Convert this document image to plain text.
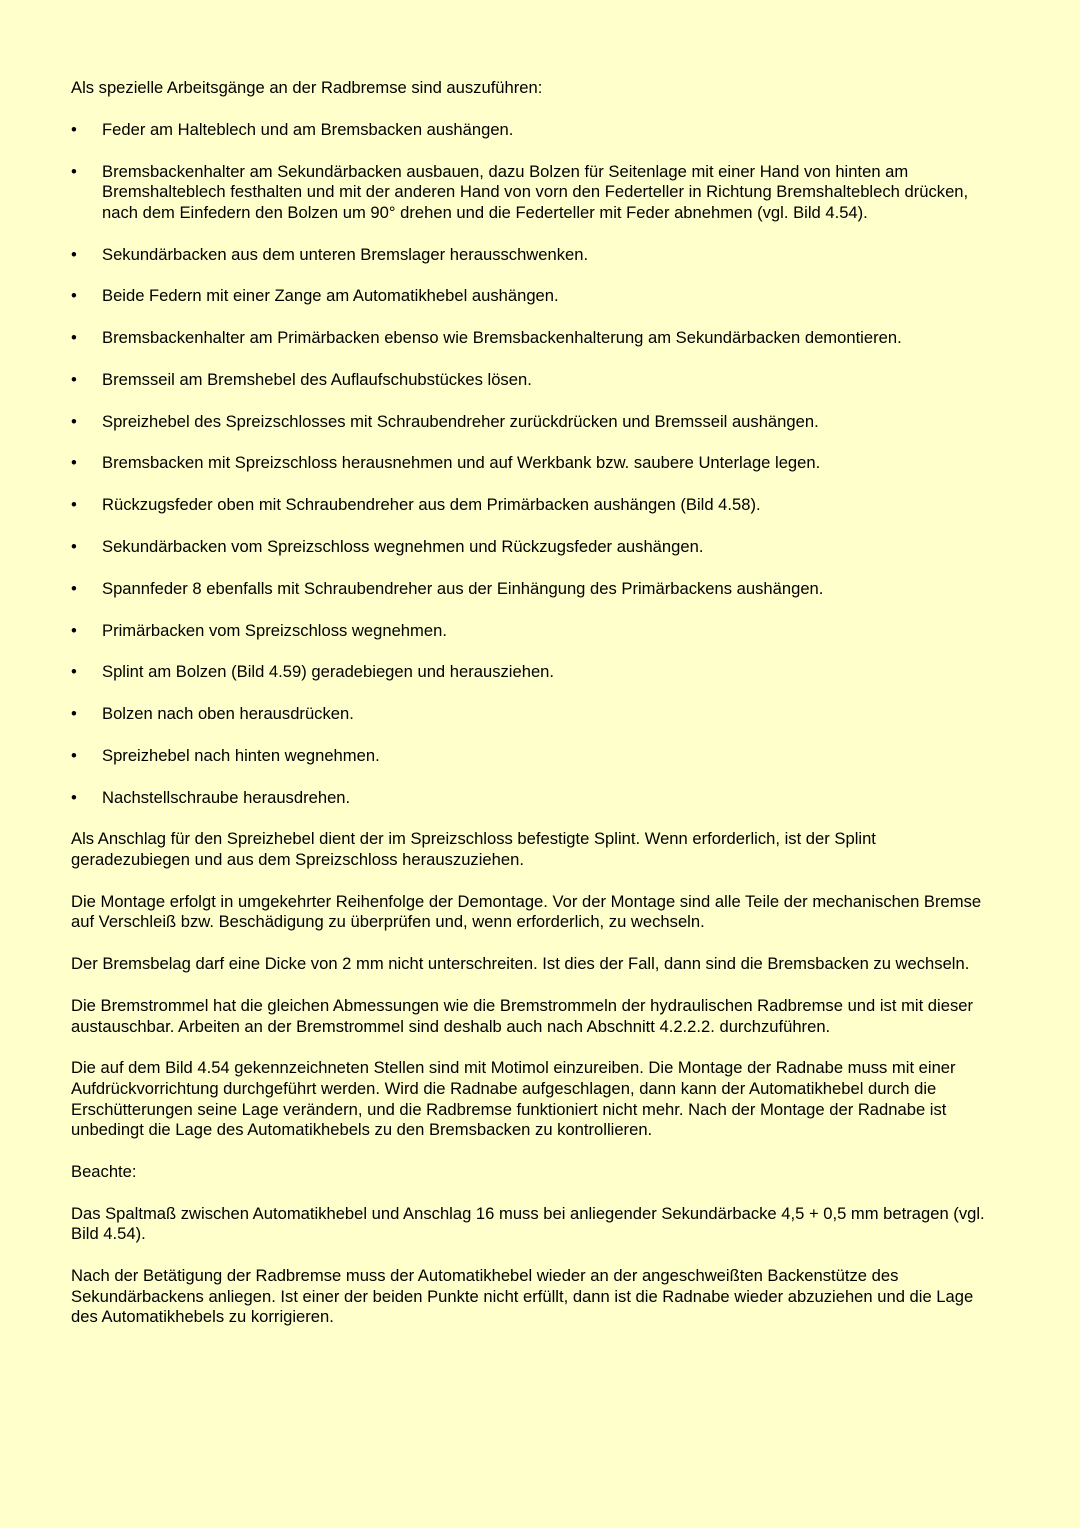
Als spezielle Arbeitsgänge an der Radbremse sind auszuführen:

• Feder am Halteblech und am Bremsbacken aushängen.
• Bremsbackenhalter am Sekundärbacken ausbauen, dazu Bolzen für Seitenlage mit einer Hand von hinten am Bremshalteblech festhalten und mit der anderen Hand von vorn den Federteller in Richtung Bremshalteblech drücken, nach dem Einfedern den Bolzen um 90° drehen und die Federteller mit Feder abnehmen (vgl. Bild 4.54).
• Sekundärbacken aus dem unteren Bremslager herausschwenken.
• Beide Federn mit einer Zange am Automatikhebel aushängen.
• Bremsbackenhalter am Primärbacken ebenso wie Bremsbackenhalterung am Sekundärbacken demontieren.
• Bremsseil am Bremshebel des Auflaufschubstückes lösen.
• Spreizhebel des Spreizschlosses mit Schraubendreher zurückdrücken und Bremsseil aushängen.
• Bremsbacken mit Spreizschloss herausnehmen und auf Werkbank bzw. saubere Unterlage legen.
• Rückzugsfeder oben mit Schraubendreher aus dem Primärbacken aushängen (Bild 4.58).
• Sekundärbacken vom Spreizschloss wegnehmen und Rückzugsfeder aushängen.
• Spannfeder 8 ebenfalls mit Schraubendreher aus der Einhängung des Primärbackens aushängen.
• Primärbacken vom Spreizschloss wegnehmen.
• Splint am Bolzen (Bild 4.59) geradebiegen und herausziehen.
• Bolzen nach oben herausdrücken.
• Spreizhebel nach hinten wegnehmen.
• Nachstellschraube herausdrehen.

Als Anschlag für den Spreizhebel dient der im Spreizschloss befestigte Splint. Wenn erforderlich, ist der Splint geradezubiegen und aus dem Spreizschloss herauszuziehen.

Die Montage erfolgt in umgekehrter Reihenfolge der Demontage. Vor der Montage sind alle Teile der mechanischen Bremse auf Verschleiß bzw. Beschädigung zu überprüfen und, wenn erforderlich, zu wechseln.

Der Bremsbelag darf eine Dicke von 2 mm nicht unterschreiten. Ist dies der Fall, dann sind die Bremsbacken zu wechseln.

Die Bremstrommel hat die gleichen Abmessungen wie die Bremstrommeln der hydraulischen Radbremse und ist mit dieser austauschbar. Arbeiten an der Bremstrommel sind deshalb auch nach Abschnitt 4.2.2.2. durchzuführen.

Die auf dem Bild 4.54 gekennzeichneten Stellen sind mit Motimol einzureiben. Die Montage der Radnabe muss mit einer Aufdrückvorrichtung durchgeführt werden. Wird die Radnabe aufgeschlagen, dann kann der Automatikhebel durch die Erschütterungen seine Lage verändern, und die Radbremse funktioniert nicht mehr. Nach der Montage der Radnabe ist unbedingt die Lage des Automatikhebels zu den Bremsbacken zu kontrollieren.

Beachte:

Das Spaltmaß zwischen Automatikhebel und Anschlag 16 muss bei anliegender Sekundärbacke 4,5 + 0,5 mm betragen (vgl. Bild 4.54).

Nach der Betätigung der Radbremse muss der Automatikhebel wieder an der angeschweißten Backenstütze des Sekundärbackens anliegen. Ist einer der beiden Punkte nicht erfüllt, dann ist die Radnabe wieder abzuziehen und die Lage des Automatikhebels zu korrigieren.
